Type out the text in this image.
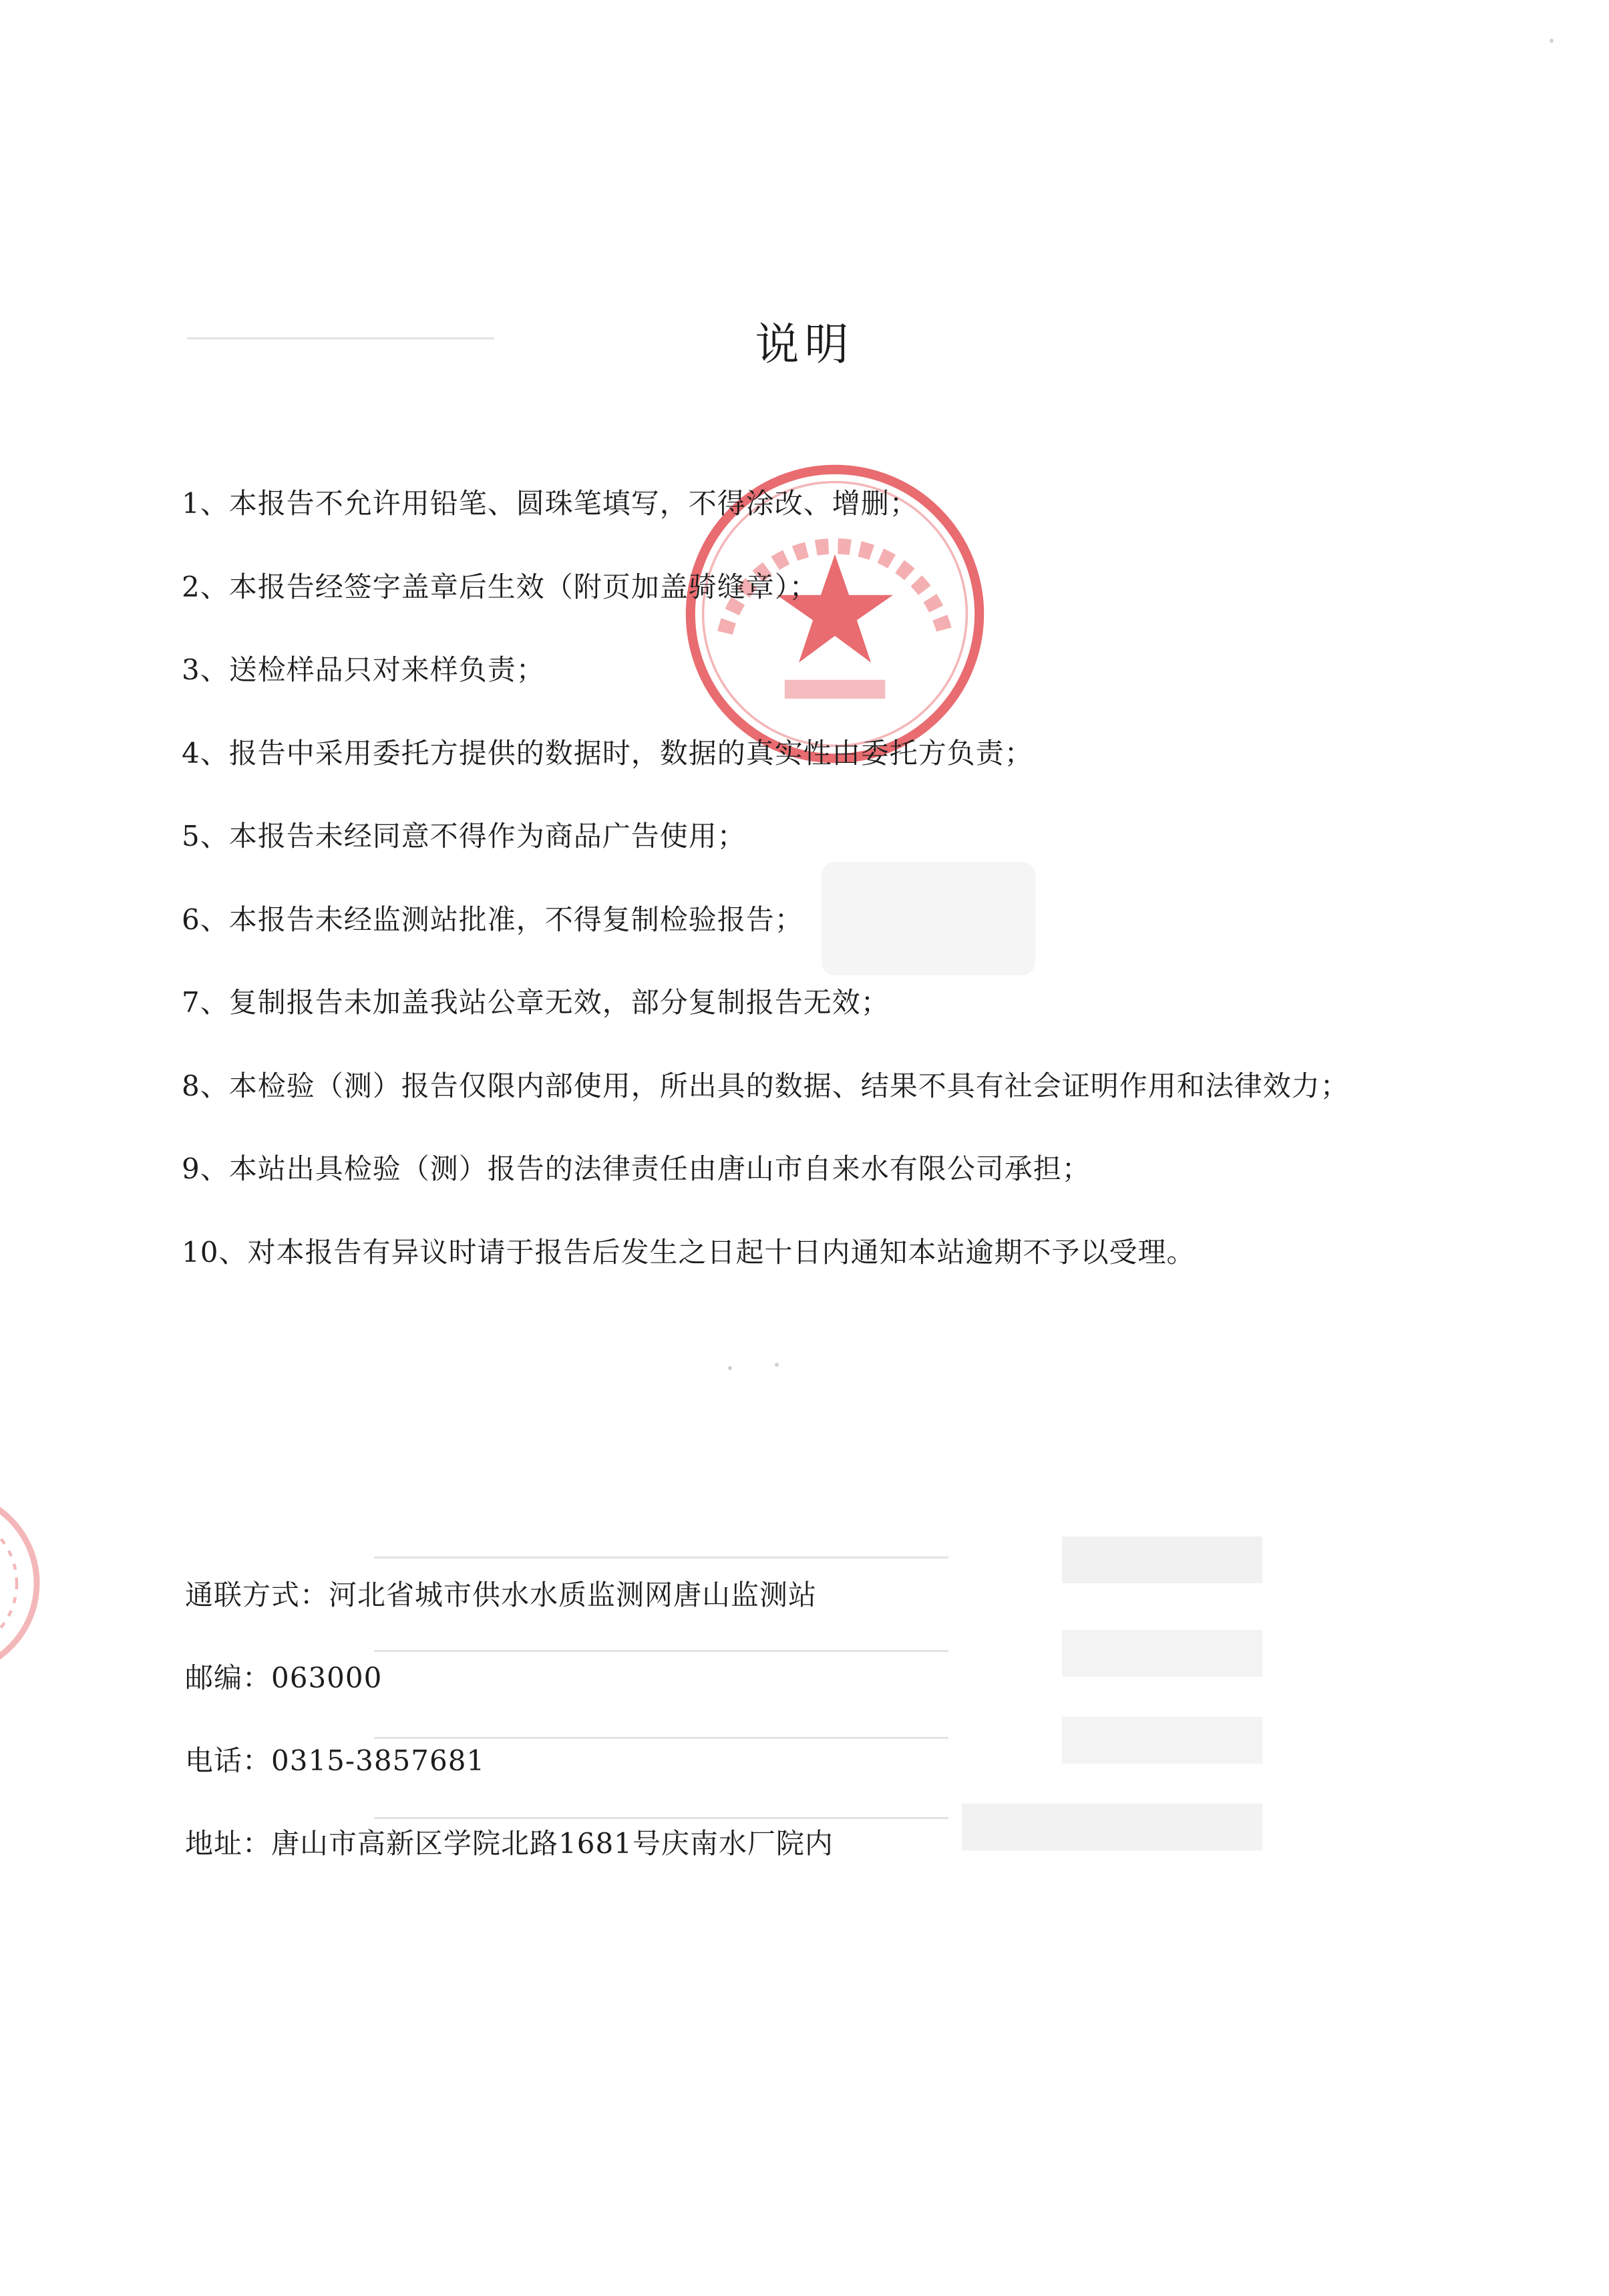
说明
1、本报告不允许用铅笔、圆珠笔填写，不得涂改、增删；
2、本报告经签字盖章后生效（附页加盖骑缝章）；
3、送检样品只对来样负责；
4、报告中采用委托方提供的数据时，数据的真实性由委托方负责；
5、本报告未经同意不得作为商品广告使用；
6、本报告未经监测站批准，不得复制检验报告；
7、复制报告未加盖我站公章无效，部分复制报告无效；
8、本检验（测）报告仅限内部使用，所出具的数据、结果不具有社会证明作用和法律效力；
9、本站出具检验（测）报告的法律责任由唐山市自来水有限公司承担；
10、对本报告有异议时请于报告后发生之日起十日内通知本站逾期不予以受理。
通联方式：河北省城市供水水质监测网唐山监测站
邮编：063000
电话：0315-3857681
地址：唐山市高新区学院北路1681号庆南水厂院内
